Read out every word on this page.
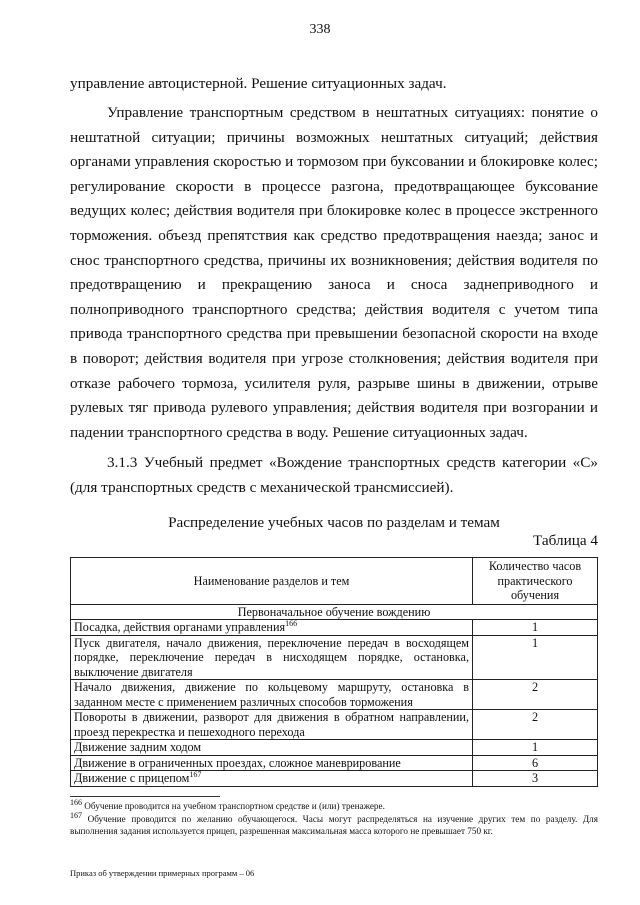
338

управление автоцистерной. Решение ситуационных задач.

Управление транспортным средством в нештатных ситуациях: понятие о нештатной ситуации; причины возможных нештатных ситуаций; действия органами управления скоростью и тормозом при буксовании и блокировке колес; регулирование скорости в процессе разгона, предотвращающее буксование ведущих колес; действия водителя при блокировке колес в процессе экстренного торможения. объезд препятствия как средство предотвращения наезда; занос и снос транспортного средства, причины их возникновения; действия водителя по предотвращению и прекращению заноса и сноса заднеприводного и полноприводного транспортного средства; действия водителя с учетом типа привода транспортного средства при превышении безопасной скорости на входе в поворот; действия водителя при угрозе столкновения; действия водителя при отказе рабочего тормоза, усилителя руля, разрыве шины в движении, отрыве рулевых тяг привода рулевого управления; действия водителя при возгорании и падении транспортного средства в воду. Решение ситуационных задач.

3.1.3 Учебный предмет «Вождение транспортных средств категории «С» (для транспортных средств с механической трансмиссией).

Распределение учебных часов по разделам и темам
Таблица 4
Наименование разделов и тем	Количество часов практического обучения
Первоначальное обучение вождению	
Посадка, действия органами управления$^{166}$	1
Пуск двигателя, начало движения, переключение передач в восходящем порядке, переключение передач в нисходящем порядке, остановка, выключение двигателя	1
Начало движения, движение по кольцевому маршруту, остановка в заданном месте с применением различных способов торможения	2
Повороты в движении, разворот для движения в обратном направлении, проезд перекрестка и пешеходного перехода	2
Движение задним ходом	1
Движение в ограниченных проездах, сложное маневрирование	6
Движение с прицепом$^{167}$	3

$^{166}$ Обучение проводится на учебном транспортном средстве и (или) тренажере.

$^{167}$ Обучение проводится по желанию обучающегося. Часы могут распределяться на изучение других тем по разделу. Для выполнения задания используется прицеп, разрешенная максимальная масса которого не превышает 750 кг.

Приказ об утверждении примерных программ – 06
